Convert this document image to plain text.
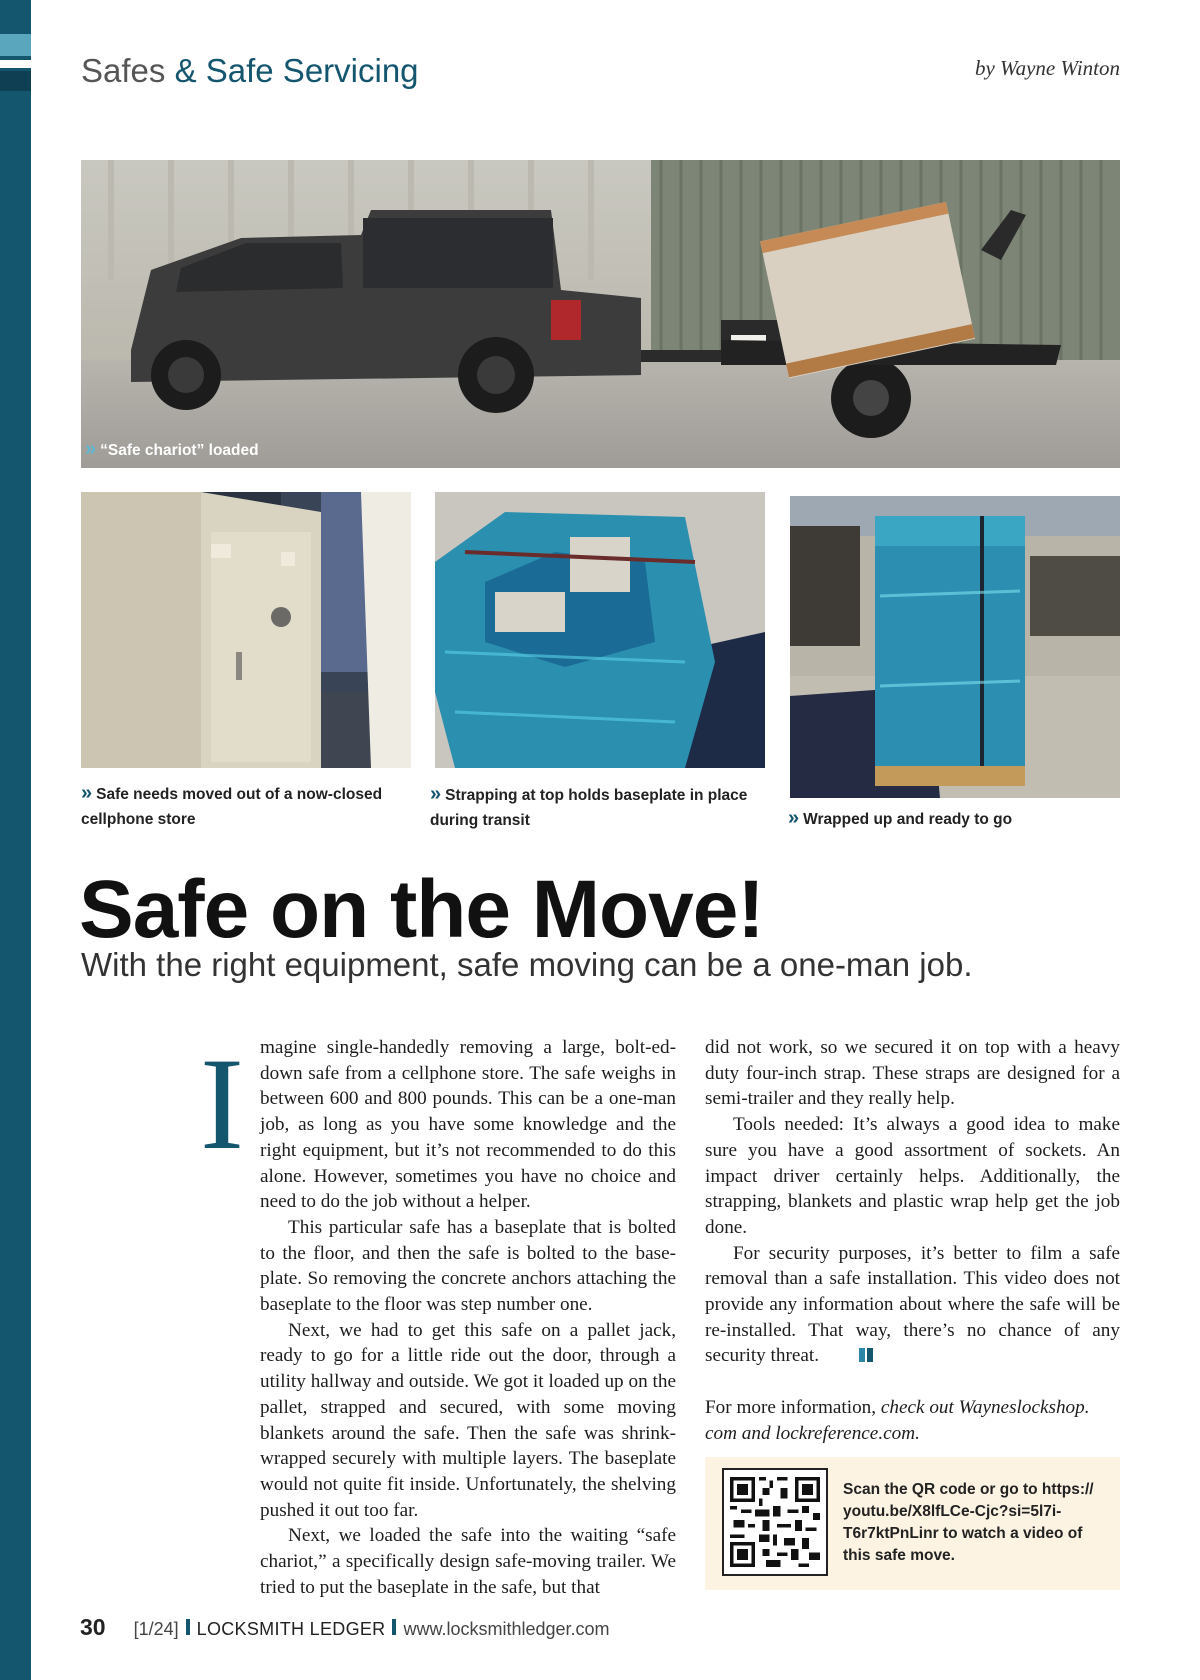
Safes & Safe Servicing	by Wayne Winton
» “Safe chariot” loaded
» Safe needs moved out of a now-closed cellphone store
» Strapping at top holds baseplate in place during transit	» Wrapped up and ready to go
Safe on the Move!
With the right equipment, safe moving can be a one-man job.
I magine single-handedly removing a large, bolt-ed-down safe from a cellphone store. The safe weighs in between 600 and 800 pounds. This can be a one-man job, as long as you have some knowledge and the right equipment, but it’s not recommended to do this alone. However, sometimes you have no choice and need to do the job without a helper.

This particular safe has a baseplate that is bolted to the floor, and then the safe is bolted to the base-plate. So removing the concrete anchors attaching the baseplate to the floor was step number one.

Next, we had to get this safe on a pallet jack, ready to go for a little ride out the door, through a utility hallway and outside. We got it loaded up on the pallet, strapped and secured, with some moving blankets around the safe. Then the safe was shrink- wrapped securely with multiple layers. The baseplate would not quite fit inside. Unfortunately, the shelving pushed it out too far.

Next, we loaded the safe into the waiting “safe chariot,” a specifically design safe-moving trailer. We tried to put the baseplate in the safe, but that

did not work, so we secured it on top with a heavy duty four-inch strap. These straps are designed for a semi-trailer and they really help.

Tools needed: It’s always a good idea to make sure you have a good assortment of sockets. An impact driver certainly helps. Additionally, the strapping, blankets and plastic wrap help get the job done.

For security purposes, it’s better to film a safe removal than a safe installation. This video does not provide any information about where the safe will be re-installed. That way, there’s no chance of any security threat.

For more information, check out Wayneslockshop. com and lockreference.com.

Scan the QR code or go to https:// youtu.be/X8lfLCe-Cjc?si=5l7i-T6r7ktPnLinr to watch a video of this safe move.
30 [1/24] LOCKSMITH LEDGER www.locksmithledger.com
